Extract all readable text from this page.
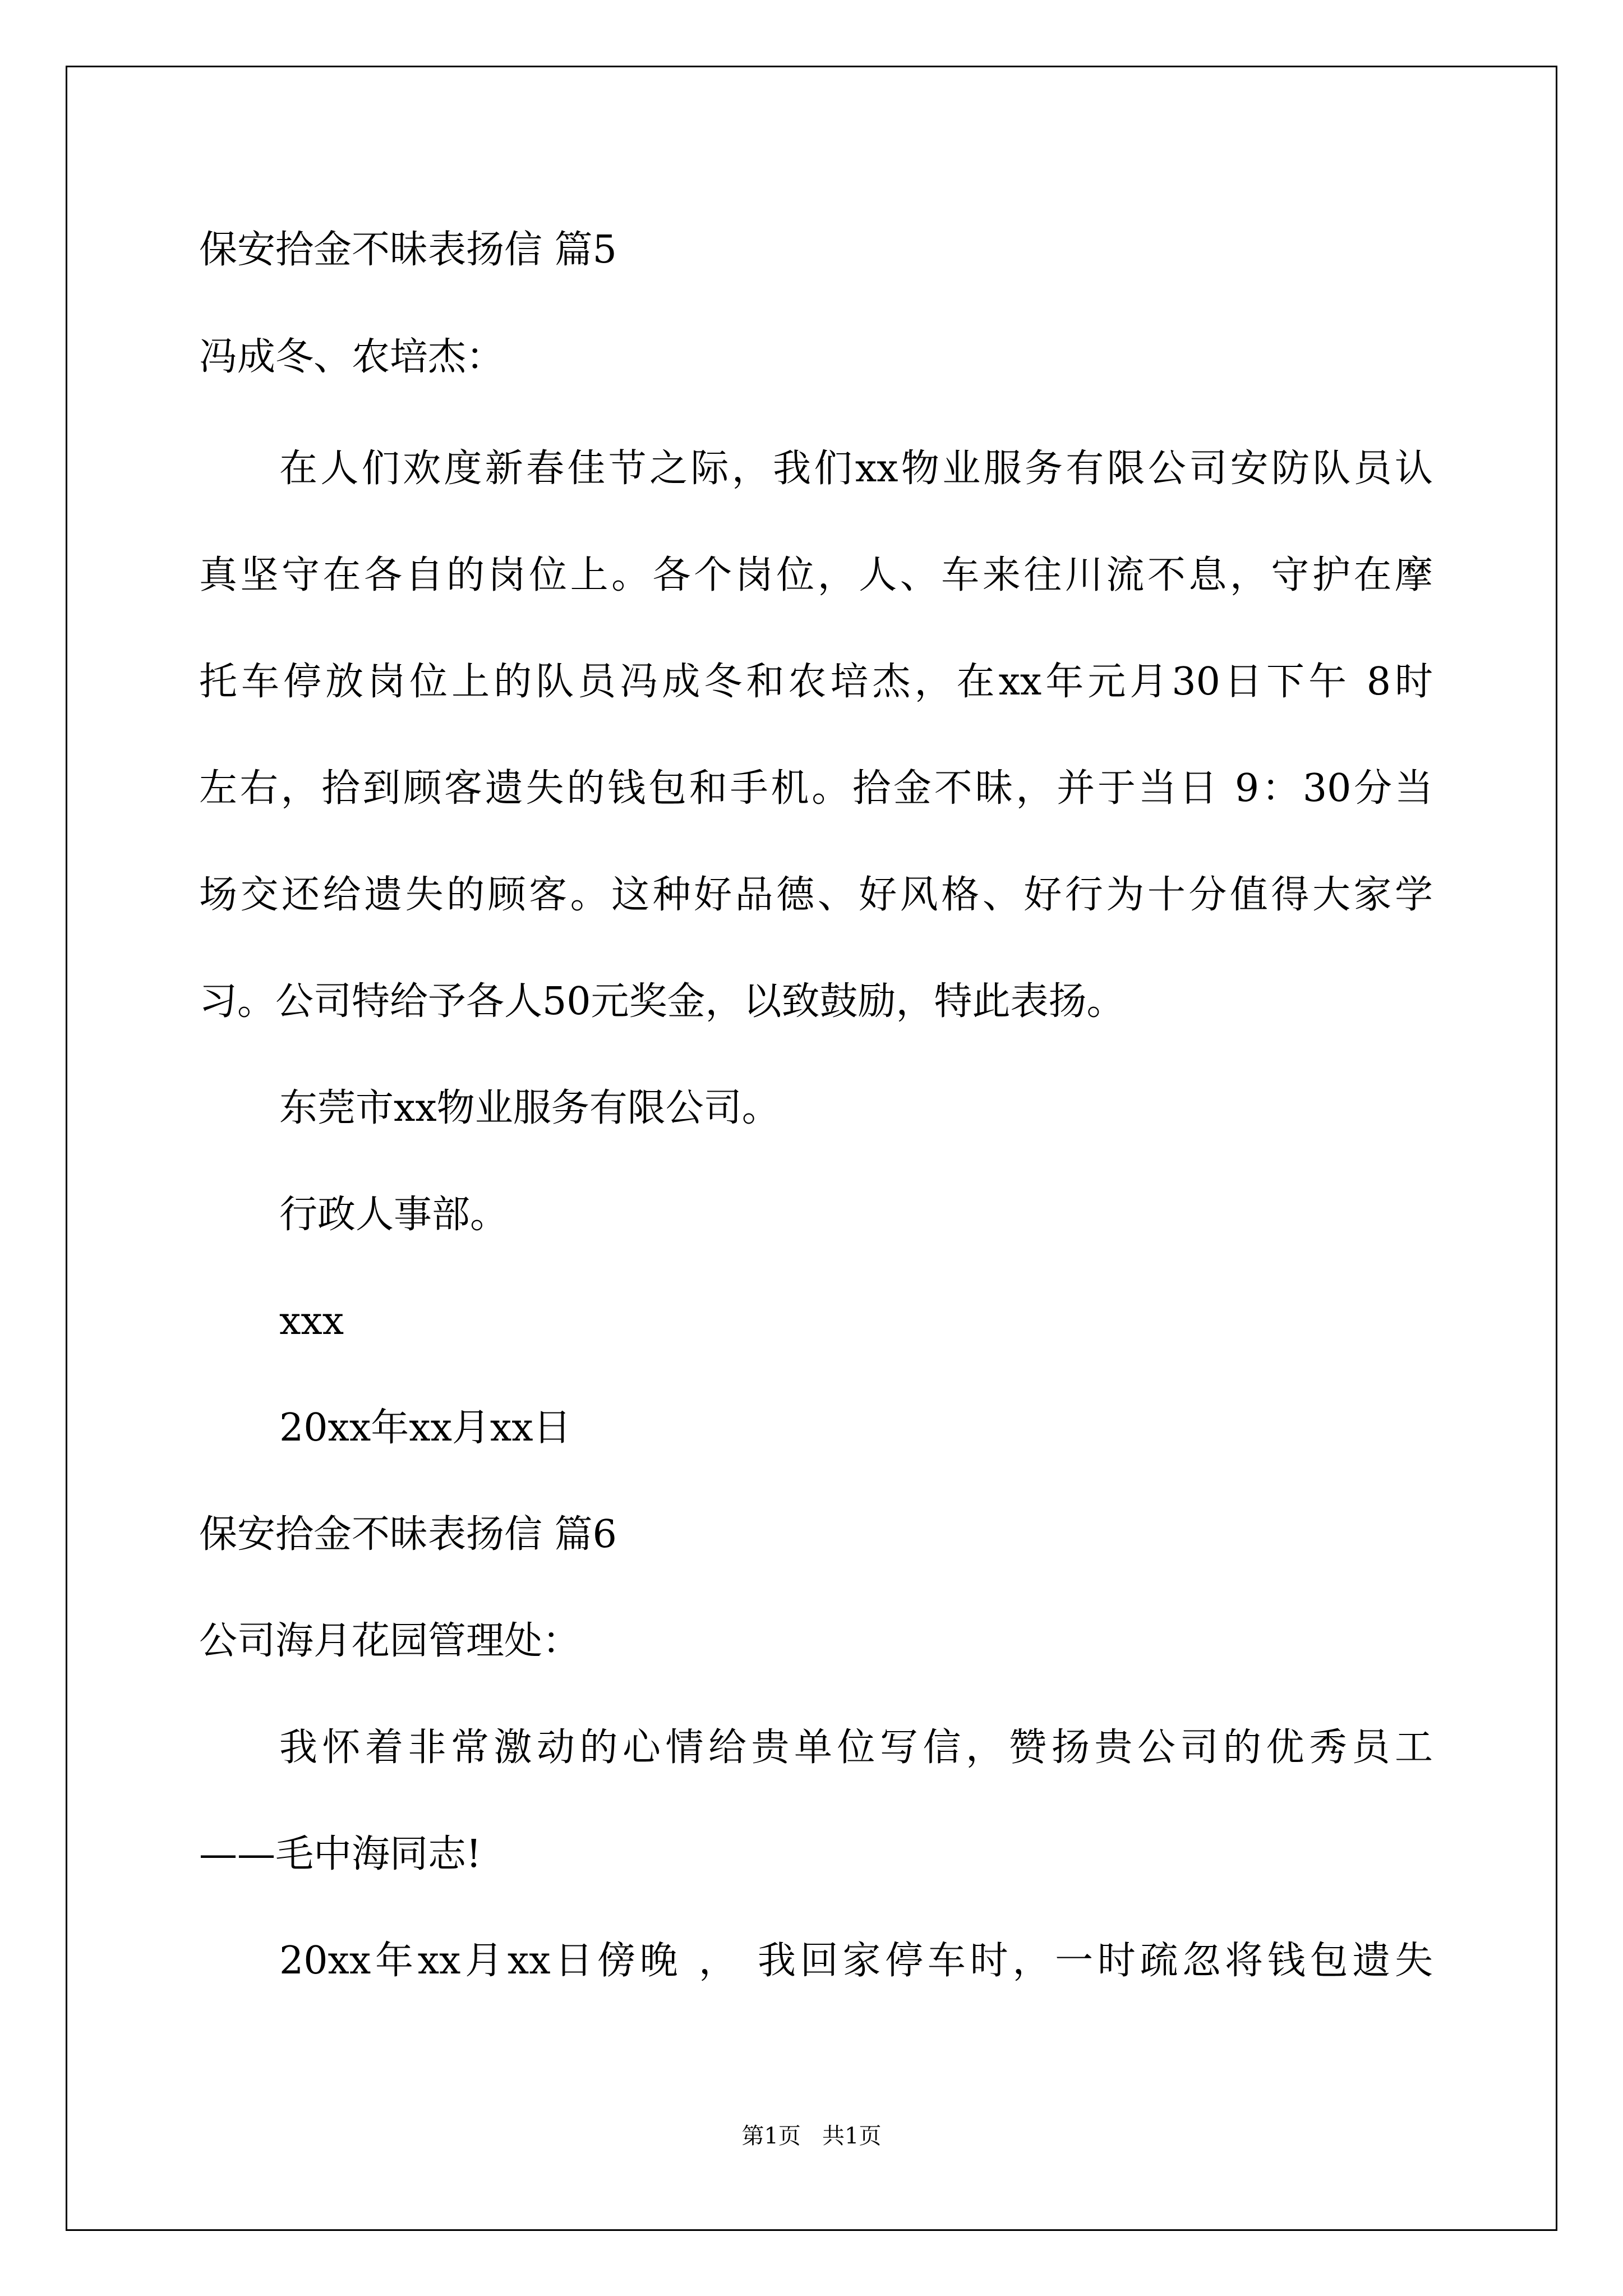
保安拾金不昧表扬信 篇5
冯成冬、农培杰：
在人们欢度新春佳节之际，我们xx物业服务有限公司安防队员认
真坚守在各自的岗位上。各个岗位，人、车来往川流不息，守护在摩
托车停放岗位上的队员冯成冬和农培杰，在xx年元月30日下午 8时
左右，拾到顾客遗失的钱包和手机。拾金不昧，并于当日 9：30分当
场交还给遗失的顾客。这种好品德、好风格、好行为十分值得大家学
习。公司特给予各人50元奖金，以致鼓励，特此表扬。
东莞市xx物业服务有限公司。
行政人事部。
xxx
20xx年xx月xx日
保安拾金不昧表扬信 篇6
公司海月花园管理处：
我怀着非常激动的心情给贵单位写信，赞扬贵公司的优秀员工
——毛中海同志!
20xx年xx月xx日傍晚 ， 我回家停车时，一时疏忽将钱包遗失
第1页   共1页
